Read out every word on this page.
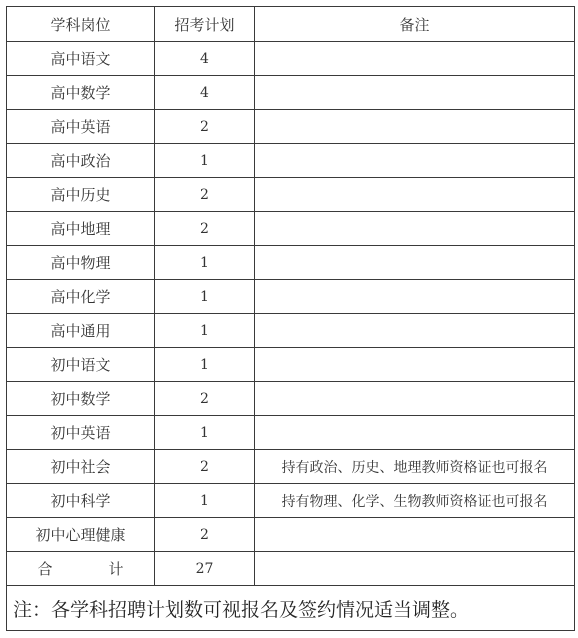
学科岗位	招考计划	备注
高中语文	4	
高中数学	4	
高中英语	2	
高中政治	1	
高中历史	2	
高中地理	2	
高中物理	1	
高中化学	1	
高中通用	1	
初中语文	1	
初中数学	2	
初中英语	1	
初中社会	2	持有政治、历史、地理教师资格证也可报名
初中科学	1	持有物理、化学、生物教师资格证也可报名
初中心理健康	2	
合计	27	
注：各学科招聘计划数可视报名及签约情况适当调整。		
